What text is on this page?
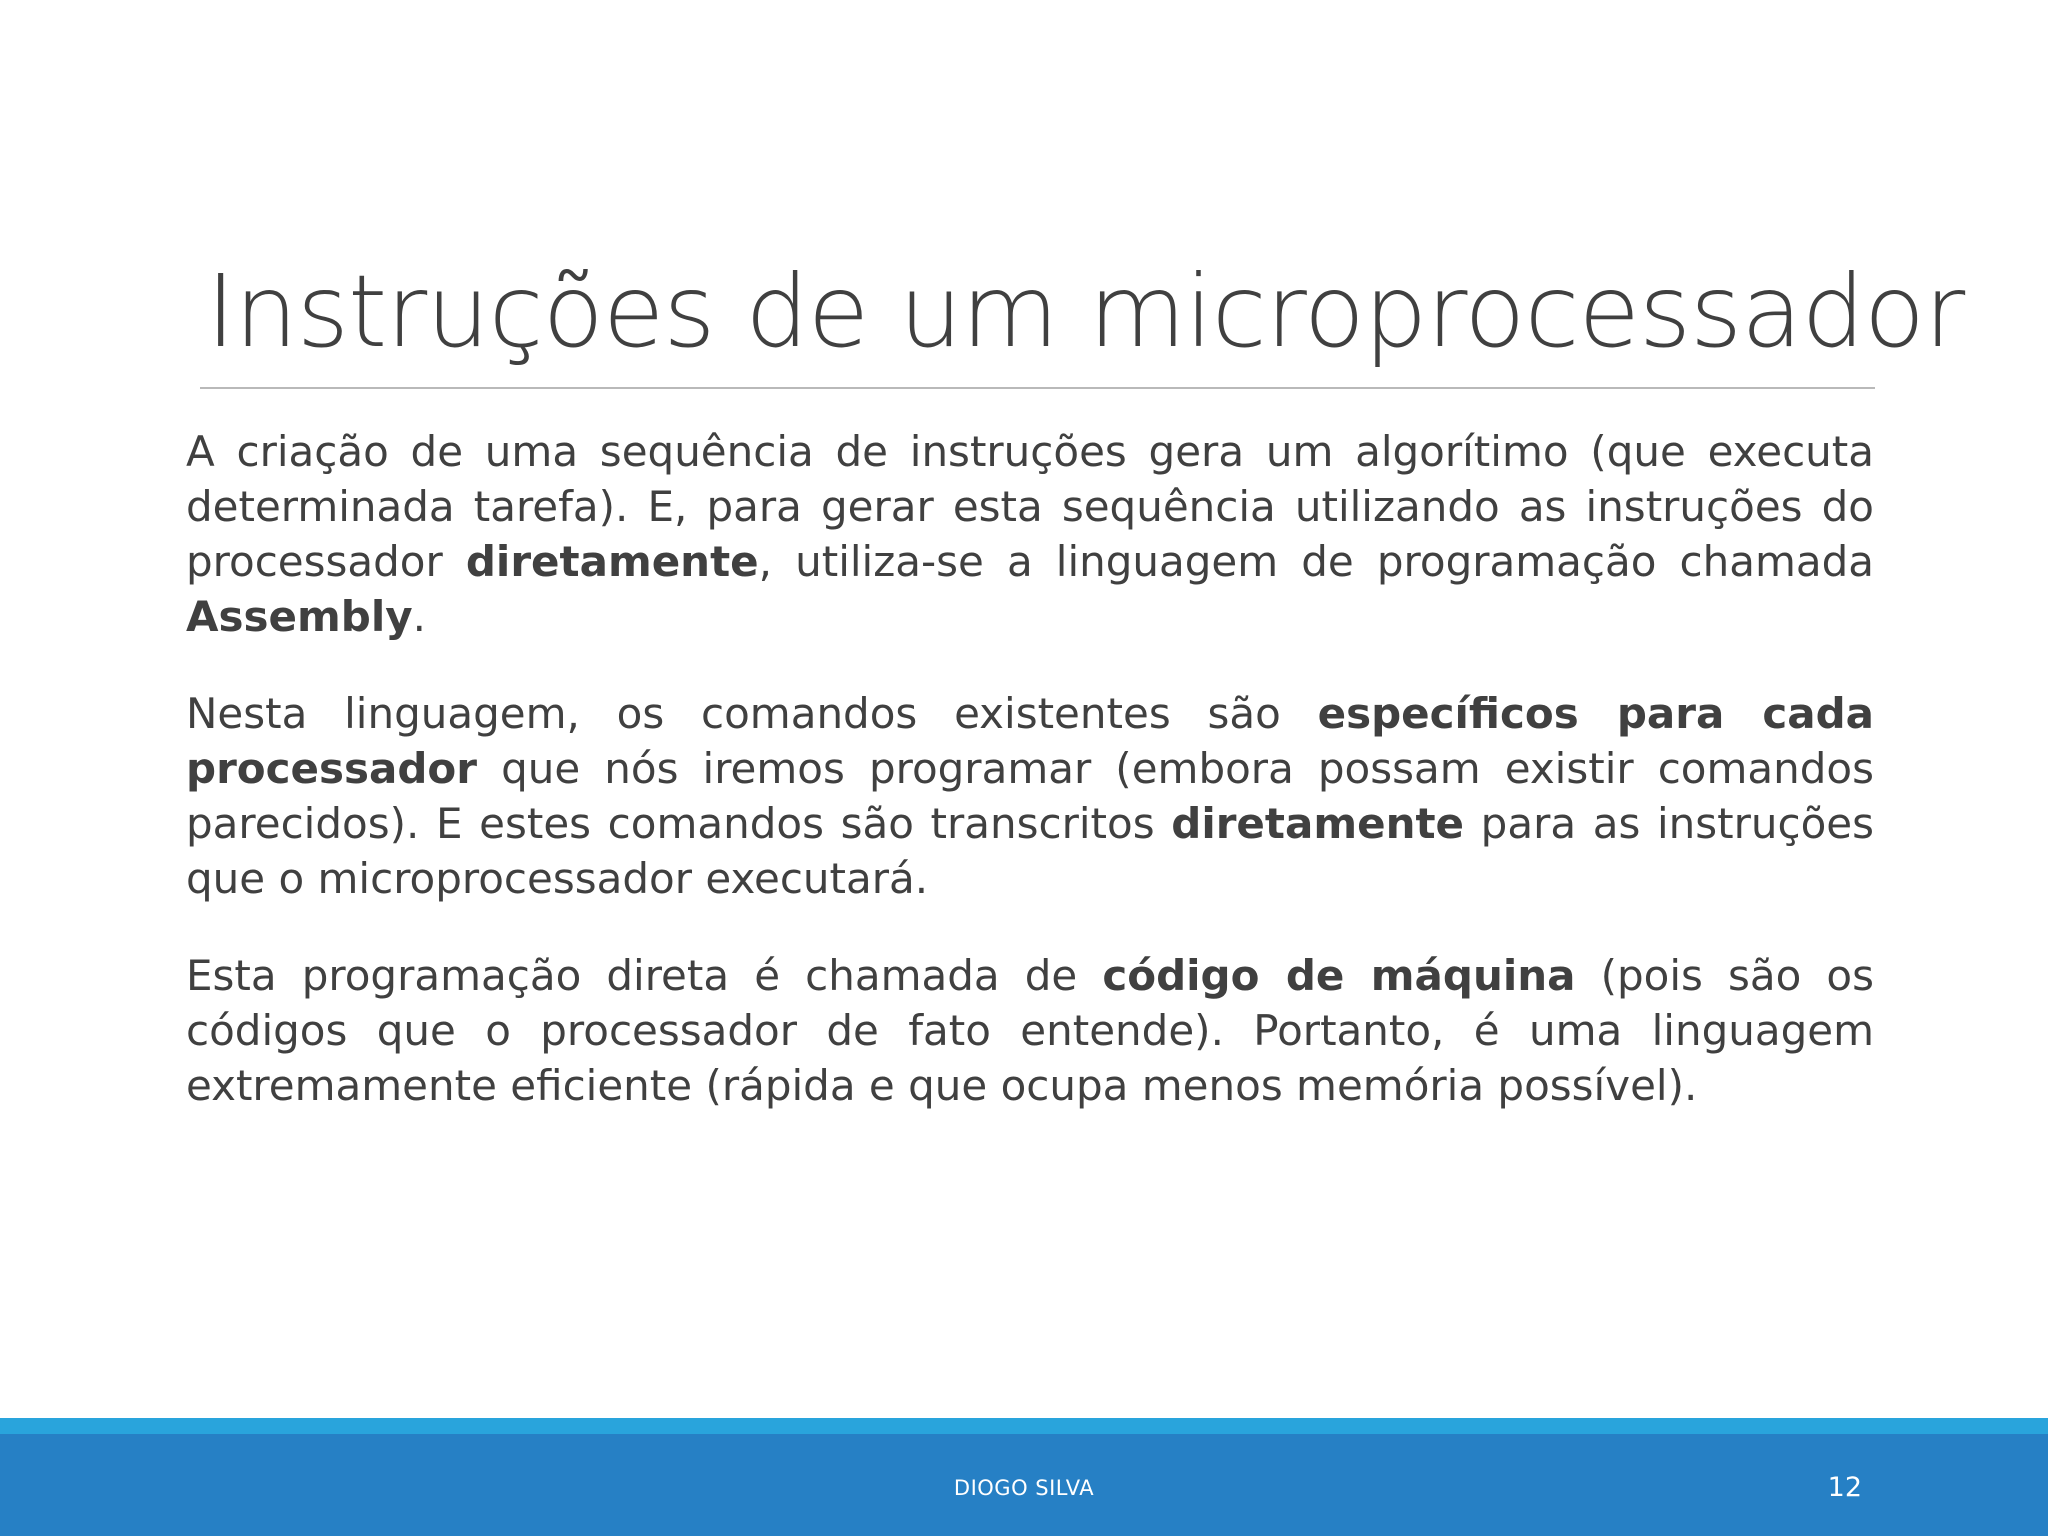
Instruções de um microprocessador

A criação de uma sequência de instruções gera um algorítimo (que executa determinada tarefa). E, para gerar esta sequência utilizando as instruções do processador diretamente, utiliza-se a linguagem de programação chamada Assembly.

Nesta linguagem, os comandos existentes são específicos para cada processador que nós iremos programar (embora possam existir comandos parecidos). E estes comandos são transcritos diretamente para as instruções que o microprocessador executará.

Esta programação direta é chamada de código de máquina (pois são os códigos que o processador de fato entende). Portanto, é uma linguagem extremamente eficiente (rápida e que ocupa menos memória possível).

DIOGO SILVA	12
